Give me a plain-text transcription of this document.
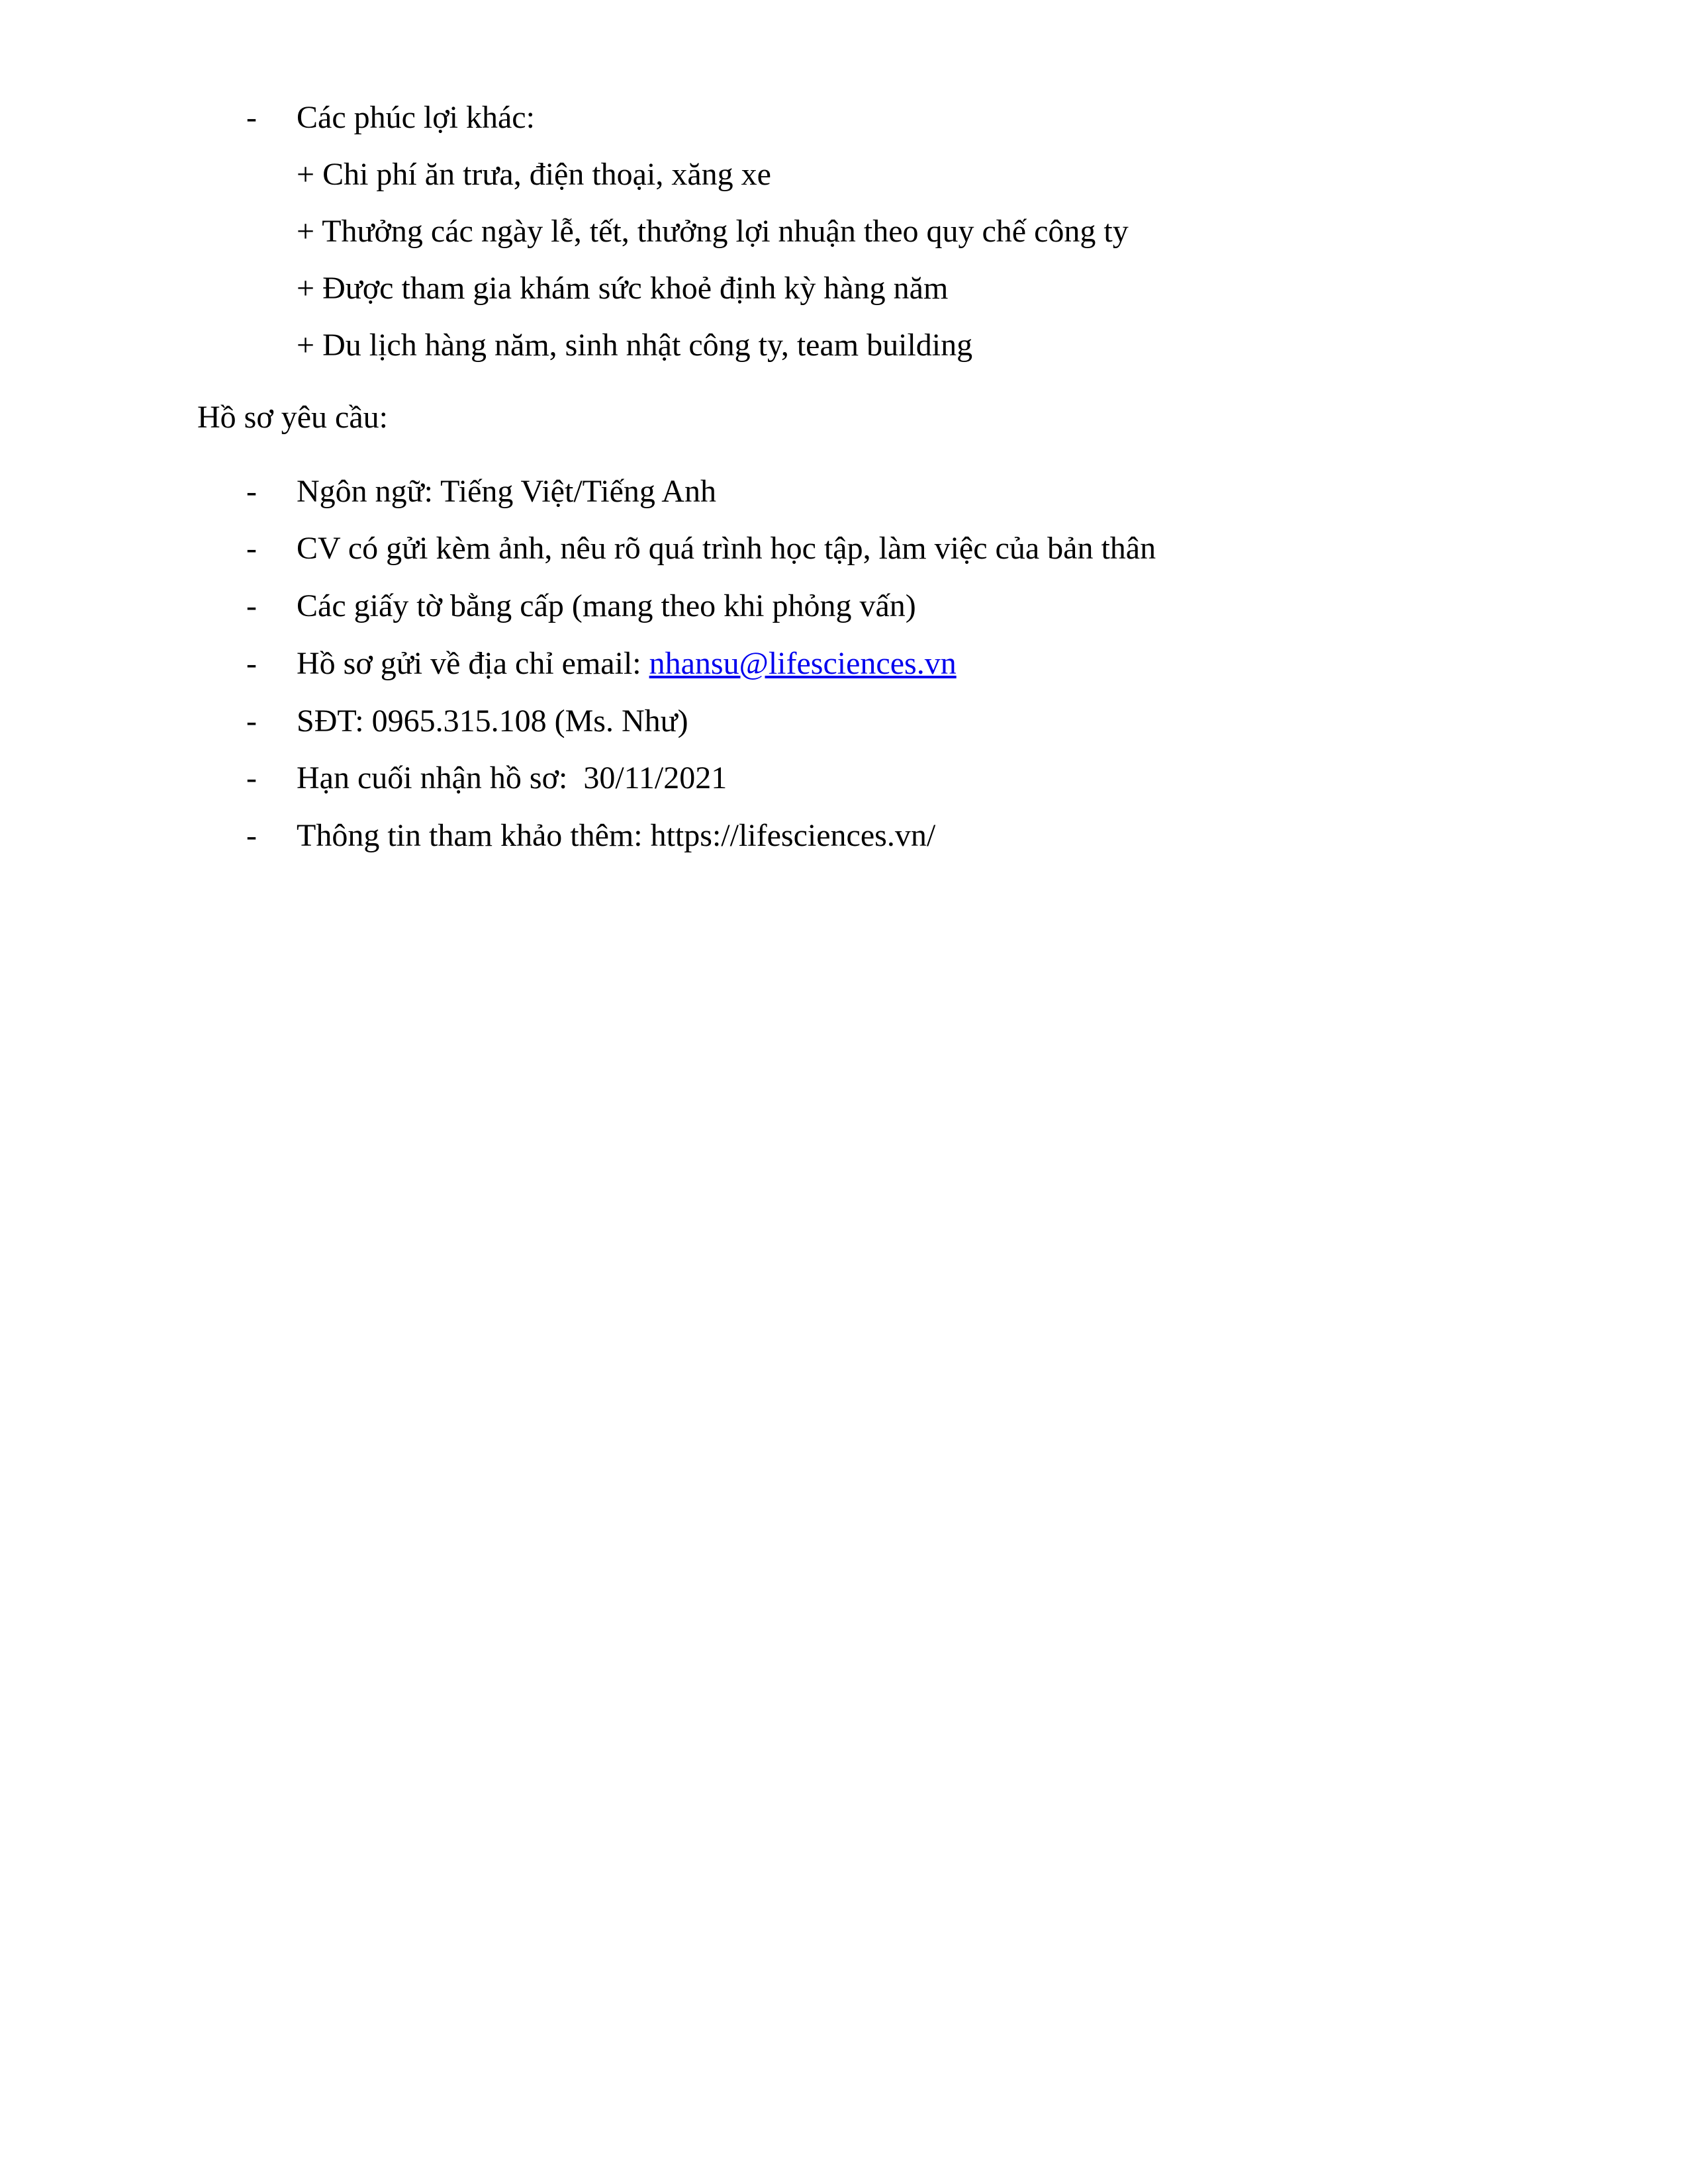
- Các phúc lợi khác:
+ Chi phí ăn trưa, điện thoại, xăng xe
+ Thưởng các ngày lễ, tết, thưởng lợi nhuận theo quy chế công ty
+ Được tham gia khám sức khoẻ định kỳ hàng năm
+ Du lịch hàng năm, sinh nhật công ty, team building
Hồ sơ yêu cầu:
- Ngôn ngữ: Tiếng Việt/Tiếng Anh
- CV có gửi kèm ảnh, nêu rõ quá trình học tập, làm việc của bản thân
- Các giấy tờ bằng cấp (mang theo khi phỏng vấn)
- Hồ sơ gửi về địa chỉ email: nhansu@lifesciences.vn
- SĐT: 0965.315.108 (Ms. Như)
- Hạn cuối nhận hồ sơ:  30/11/2021
- Thông tin tham khảo thêm: https://lifesciences.vn/
